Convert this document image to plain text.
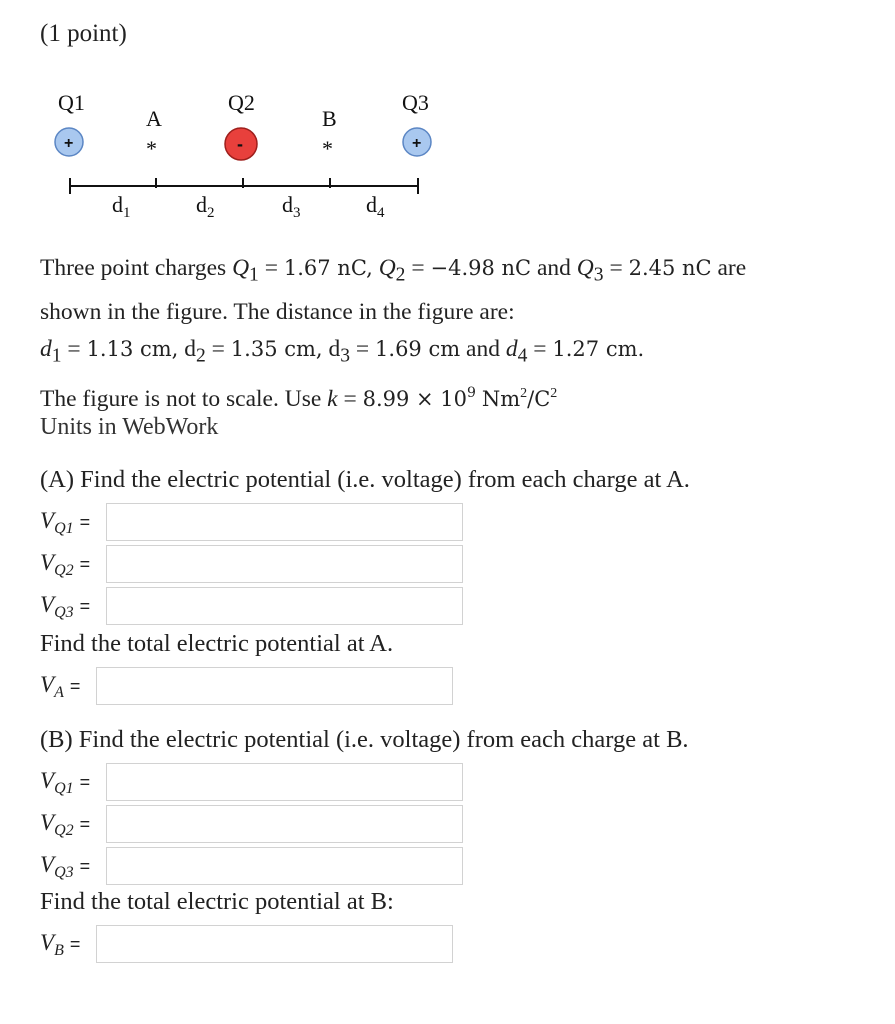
(1 point)
Q1	Q2	Q3
A	B
*	*
+	-	+
$d_1$	$d_2$	$d_3$	$d_4$
Three point charges $Q_1 = 1.67$ nC, $Q_2 = -4.98$ nC and $Q_3 = 2.45$ nC are
shown in the figure. The distance in the figure are:
$d_1 = 1.13$ cm, $d_2 = 1.35$ cm, $d_3 = 1.69$ cm and $d_4 = 1.27$ cm.
The figure is not to scale. Use $k = 8.99 \times 10^9$ $Nm^2/C^2$
Units in WebWork
(A) Find the electric potential (i.e. voltage) from each charge at A.
$V_{Q1}$ =
$V_{Q2}$ =
$V_{Q3}$ =
Find the total electric potential at A.
$V_A$ =
(B) Find the electric potential (i.e. voltage) from each charge at B.
$V_{Q1}$ =
$V_{Q2}$ =
$V_{Q3}$ =
Find the total electric potential at B:
$V_B$ =
